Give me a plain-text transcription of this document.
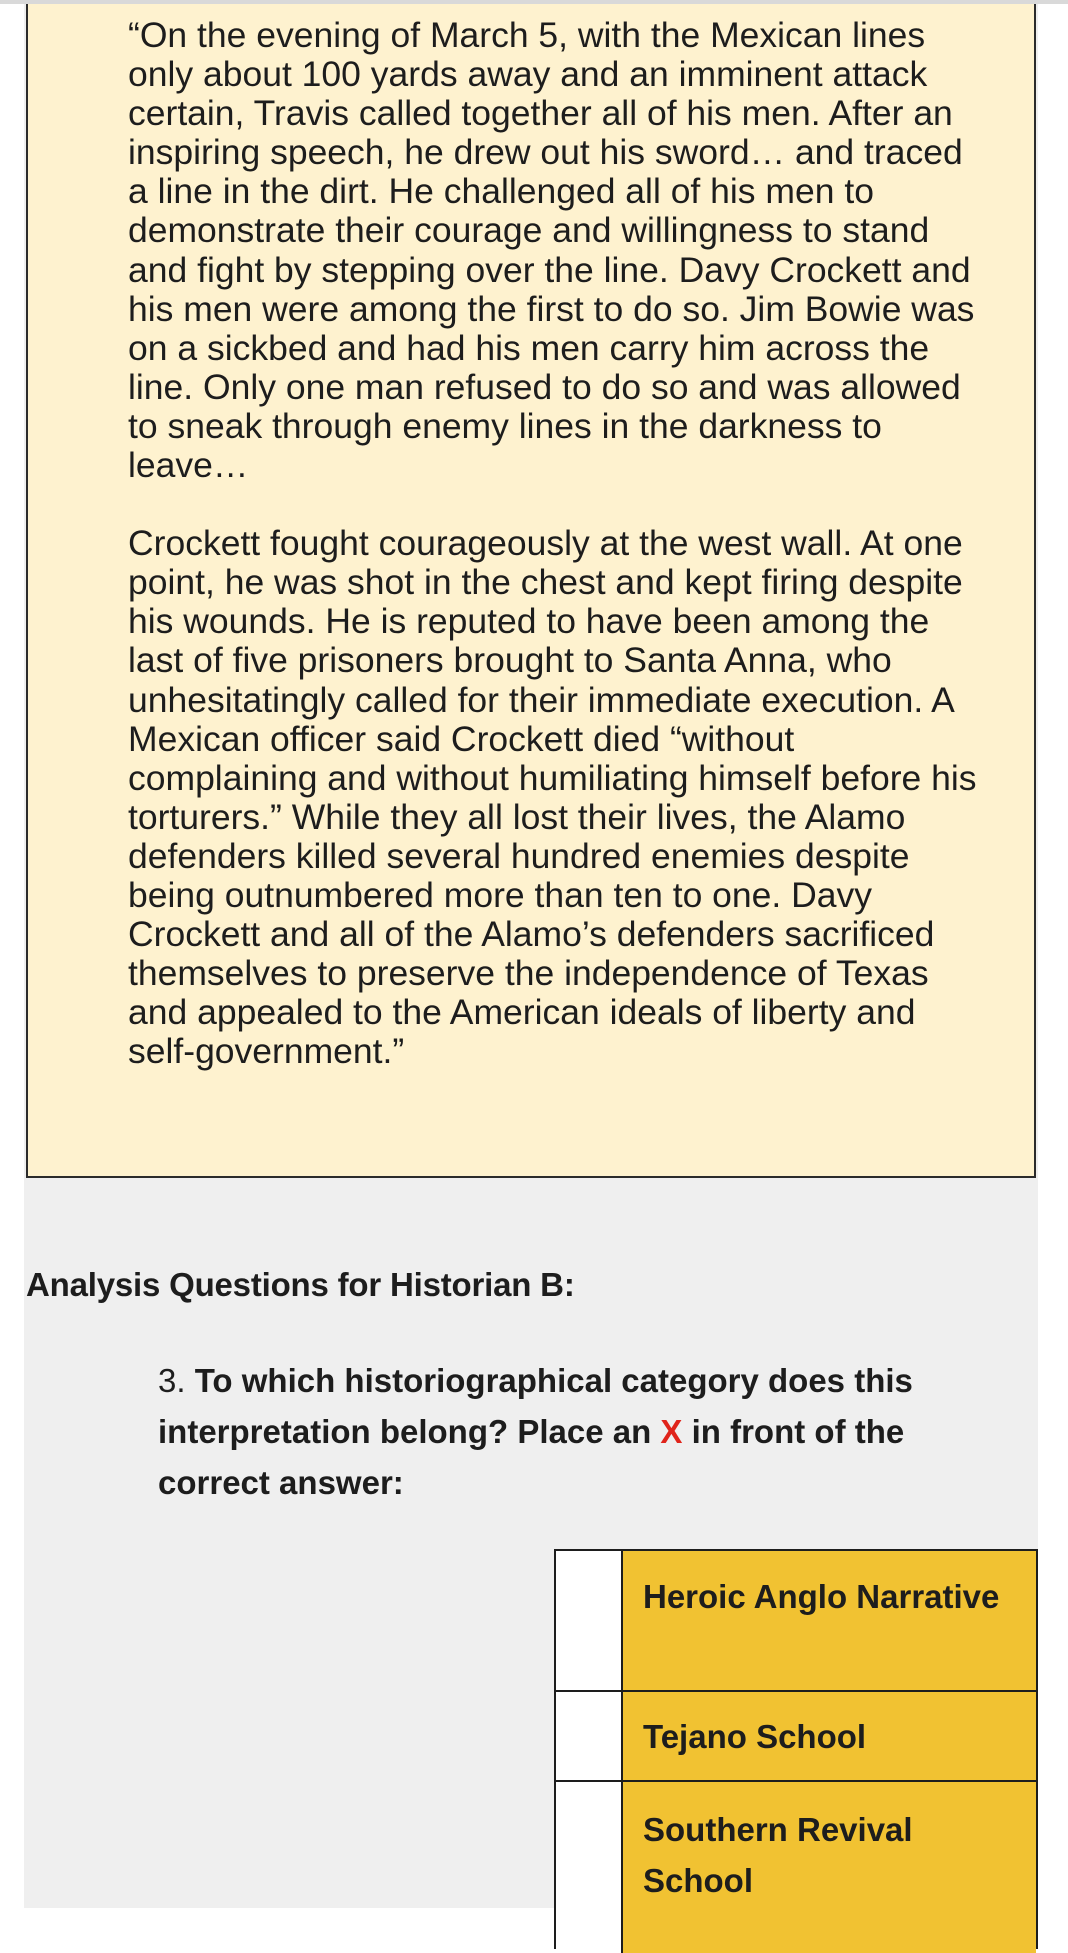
“On the evening of March 5, with the Mexican lines only about 100 yards away and an imminent attack certain, Travis called together all of his men. After an inspiring speech, he drew out his sword… and traced a line in the dirt. He challenged all of his men to demonstrate their courage and willingness to stand and fight by stepping over the line. Davy Crockett and his men were among the first to do so. Jim Bowie was on a sickbed and had his men carry him across the line. Only one man refused to do so and was allowed to sneak through enemy lines in the darkness to leave…

Crockett fought courageously at the west wall. At one point, he was shot in the chest and kept firing despite his wounds. He is reputed to have been among the last of five prisoners brought to Santa Anna, who unhesitatingly called for their immediate execution. A Mexican officer said Crockett died “without complaining and without humiliating himself before his torturers.” While they all lost their lives, the Alamo defenders killed several hundred enemies despite being outnumbered more than ten to one. Davy Crockett and all of the Alamo’s defenders sacrificed themselves to preserve the independence of Texas and appealed to the American ideals of liberty and self-government.”

Analysis Questions for Historian B:
3. To which historiographical category does this interpretation belong? Place an X in front of the correct answer:
Heroic Anglo Narrative
Tejano School
Southern Revival School
